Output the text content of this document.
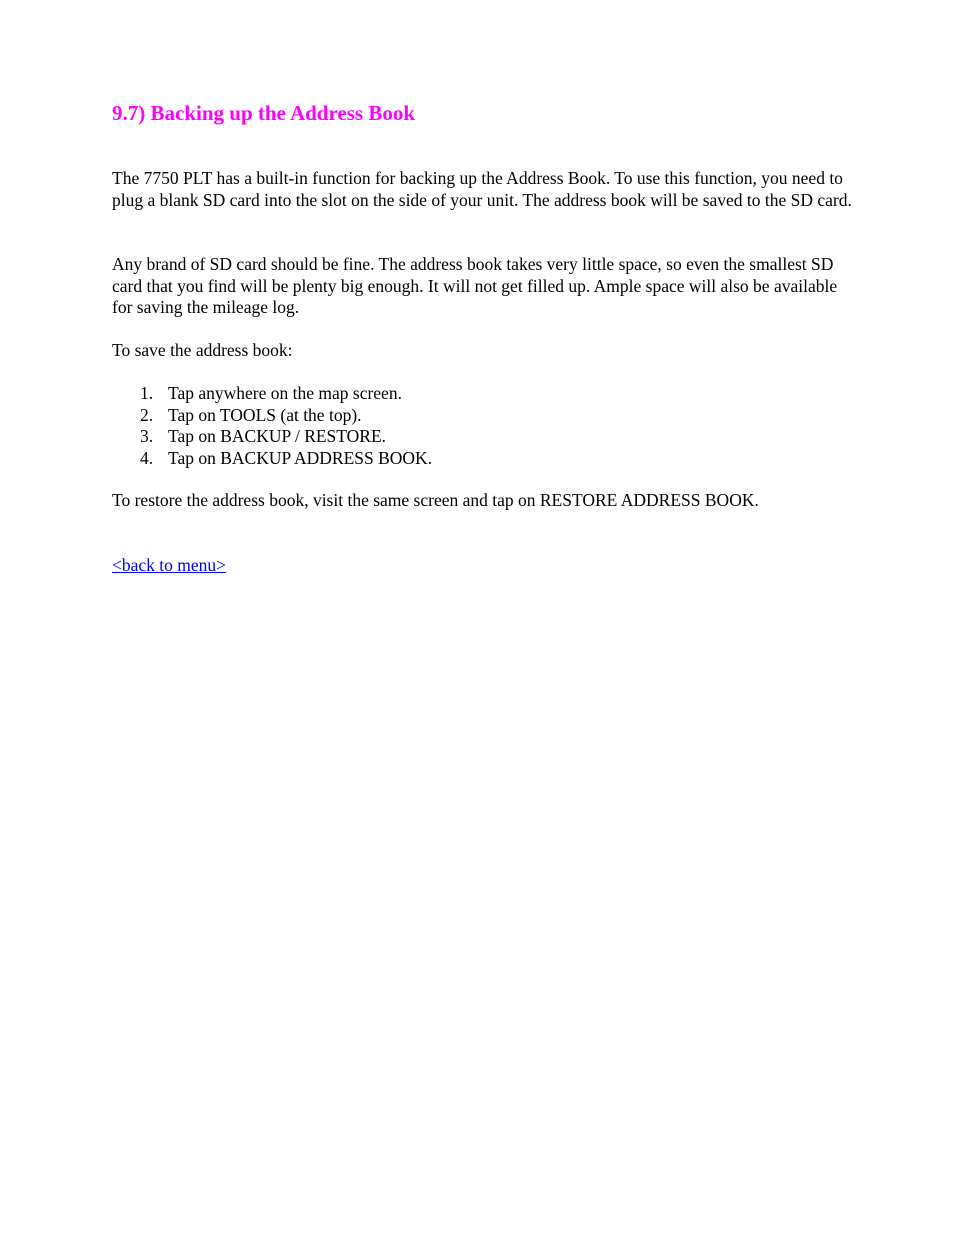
9.7) Backing up the Address Book

The 7750 PLT has a built-in function for backing up the Address Book. To use this function, you need to plug a blank SD card into the slot on the side of your unit. The address book will be saved to the SD card.

Any brand of SD card should be fine. The address book takes very little space, so even the smallest SD card that you find will be plenty big enough. It will not get filled up. Ample space will also be available for saving the mileage log.

To save the address book:

1. Tap anywhere on the map screen.
2. Tap on TOOLS (at the top).
3. Tap on BACKUP / RESTORE.
4. Tap on BACKUP ADDRESS BOOK.

To restore the address book, visit the same screen and tap on RESTORE ADDRESS BOOK.

<back to menu>
